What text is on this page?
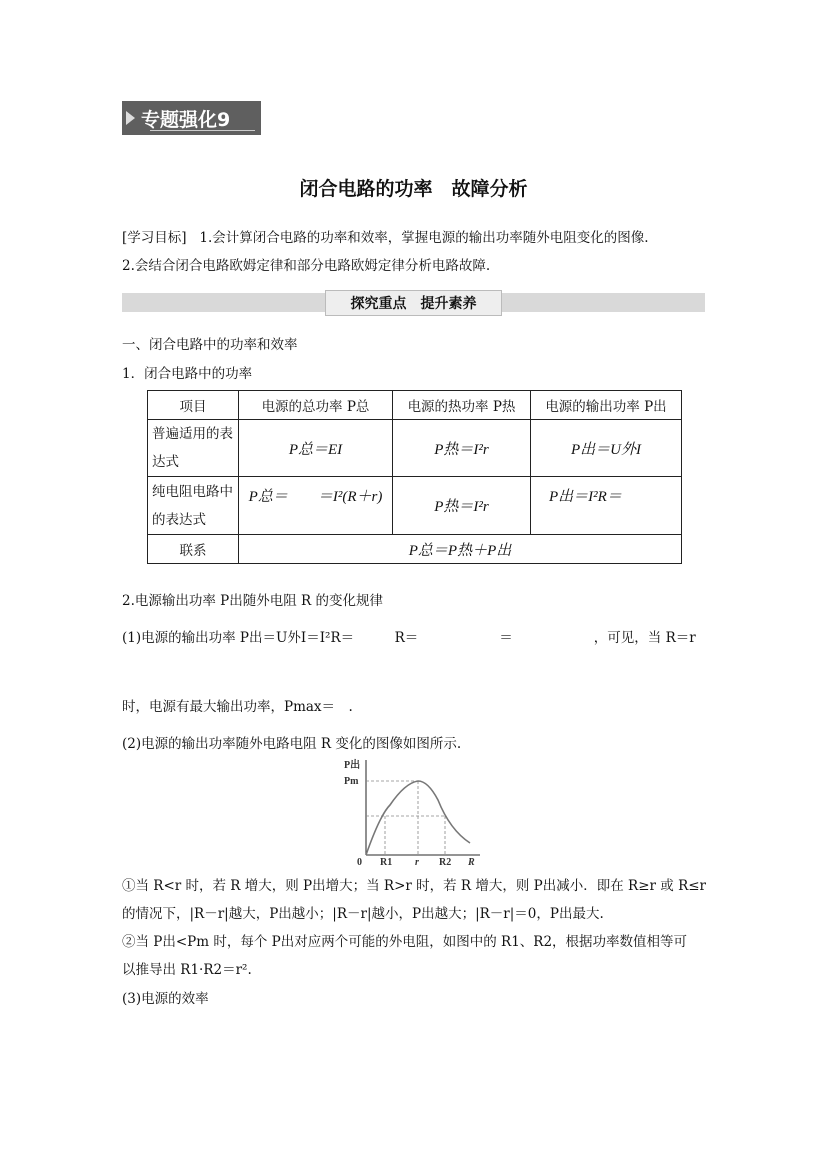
专题强化9
闭合电路的功率　故障分析
[学习目标] 1.会计算闭合电路的功率和效率，掌握电源的输出功率随外电阻变化的图像.
2.会结合闭合电路欧姆定律和部分电路欧姆定律分析电路故障.
探究重点 提升素养
一、闭合电路中的功率和效率
1．闭合电路中的功率
项目	电源的总功率 P总	电源的热功率 P热	电源的输出功率 P出
普遍适用的表达式	P总＝EI	P热＝I²r	P出＝U外I
纯电阻电路中的表达式	P总＝　　＝I²(R＋r)	P热＝I²r	P出＝I²R＝
联系	P总＝P热＋P出		
2.电源输出功率 P出随外电阻 R 的变化规律
(1)电源的输出功率 P出＝U外I＝I²R＝　　　R＝　　　　　　＝　　　　　　，可见，当 R＝r
时，电源有最大输出功率，Pmax＝　.
(2)电源的输出功率随外电路电阻 R 变化的图像如图所示.
P出
Pm
0 R1 r R2 R
①当 R<r 时，若 R 增大，则 P出增大；当 R>r 时，若 R 增大，则 P出减小．即在 R≥r 或 R≤r
的情况下，|R－r|越大，P出越小；|R－r|越小，P出越大；|R－r|＝0，P出最大.
②当 P出<Pm 时，每个 P出对应两个可能的外电阻，如图中的 R1、R2，根据功率数值相等可
以推导出 R1·R2＝r².
(3)电源的效率
